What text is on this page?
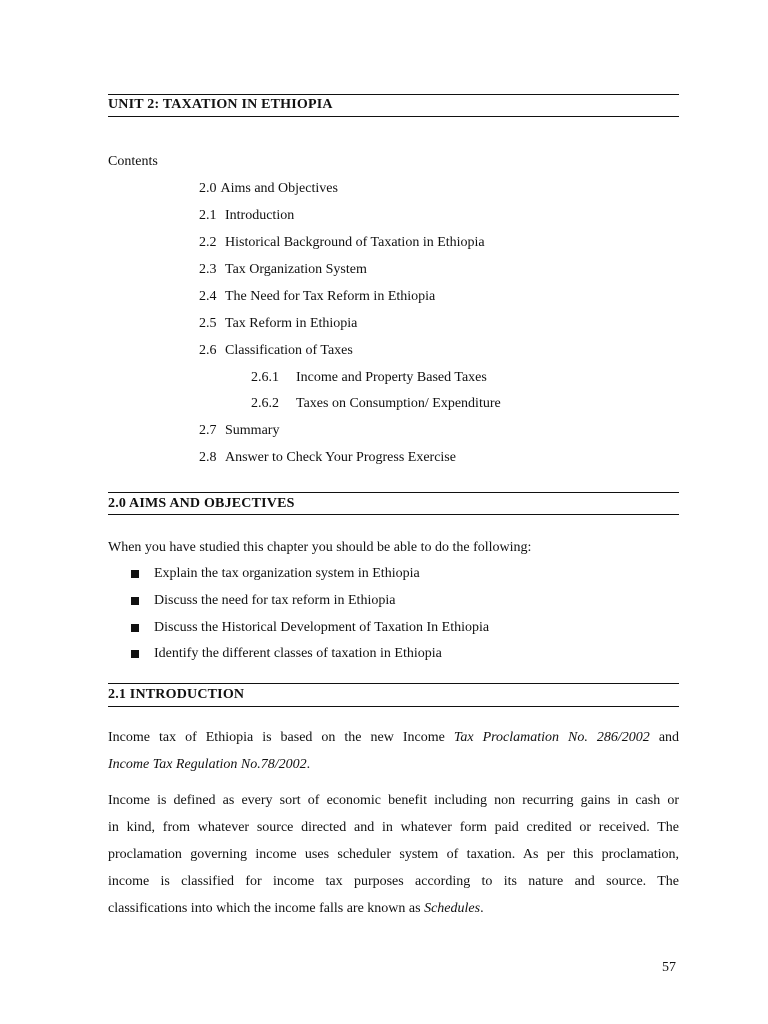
UNIT 2: TAXATION IN ETHIOPIA
Contents
2.0 Aims and Objectives
2.1 Introduction
2.2 Historical Background of Taxation in Ethiopia
2.3 Tax Organization System
2.4 The Need for Tax Reform in Ethiopia
2.5 Tax Reform in Ethiopia
2.6 Classification of Taxes
2.6.1 Income and Property Based Taxes
2.6.2 Taxes on Consumption/ Expenditure
2.7 Summary
2.8 Answer to Check Your Progress Exercise
2.0 AIMS AND OBJECTIVES
When you have studied this chapter you should be able to do the following:
Explain the tax organization system in Ethiopia
Discuss the need for tax reform in Ethiopia
Discuss the Historical Development of Taxation In Ethiopia
Identify the different classes of taxation in Ethiopia
2.1 INTRODUCTION
Income tax of Ethiopia is based on the new Income Tax Proclamation No. 286/2002 and
Income Tax Regulation No.78/2002.
Income is defined as every sort of economic benefit including non recurring gains in cash or
in kind, from whatever source directed and in whatever form paid credited or received. The
proclamation governing income uses scheduler system of taxation. As per this proclamation,
income is classified for income tax purposes according to its nature and source. The
classifications into which the income falls are known as Schedules.
57
